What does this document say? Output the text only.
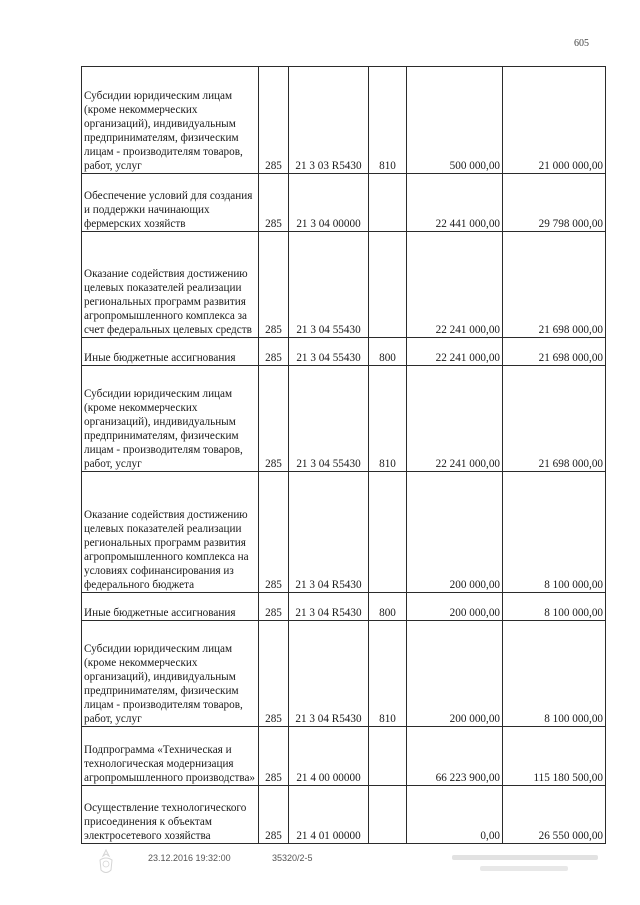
605
Субсидии юридическим лицам (кроме некоммерческих организаций), индивидуальным предпринимателям, физическим лицам - производителям товаров, работ, услуг	285	21 3 03 R5430	810	500 000,00	21 000 000,00
Обеспечение условий для создания и поддержки начинающих фермерских хозяйств	285	21 3 04 00000		22 441 000,00	29 798 000,00
Оказание содействия достижению целевых показателей реализации региональных программ развития агропромышленного комплекса за счет федеральных целевых средств	285	21 3 04 55430		22 241 000,00	21 698 000,00
Иные бюджетные ассигнования	285	21 3 04 55430	800	22 241 000,00	21 698 000,00
Субсидии юридическим лицам (кроме некоммерческих организаций), индивидуальным предпринимателям, физическим лицам - производителям товаров, работ, услуг	285	21 3 04 55430	810	22 241 000,00	21 698 000,00
Оказание содействия достижению целевых показателей реализации региональных программ развития агропромышленного комплекса на условиях софинансирования из федерального бюджета	285	21 3 04 R5430		200 000,00	8 100 000,00
Иные бюджетные ассигнования	285	21 3 04 R5430	800	200 000,00	8 100 000,00
Субсидии юридическим лицам (кроме некоммерческих организаций), индивидуальным предпринимателям, физическим лицам - производителям товаров, работ, услуг	285	21 3 04 R5430	810	200 000,00	8 100 000,00
Подпрограмма «Техническая и технологическая модернизация агропромышленного производства»	285	21 4 00 00000		66 223 900,00	115 180 500,00
Осуществление технологического присоединения к объектам электросетевого хозяйства	285	21 4 01 00000		0,00	26 550 000,00
23.12.2016 19:32:00	35320/2-5
